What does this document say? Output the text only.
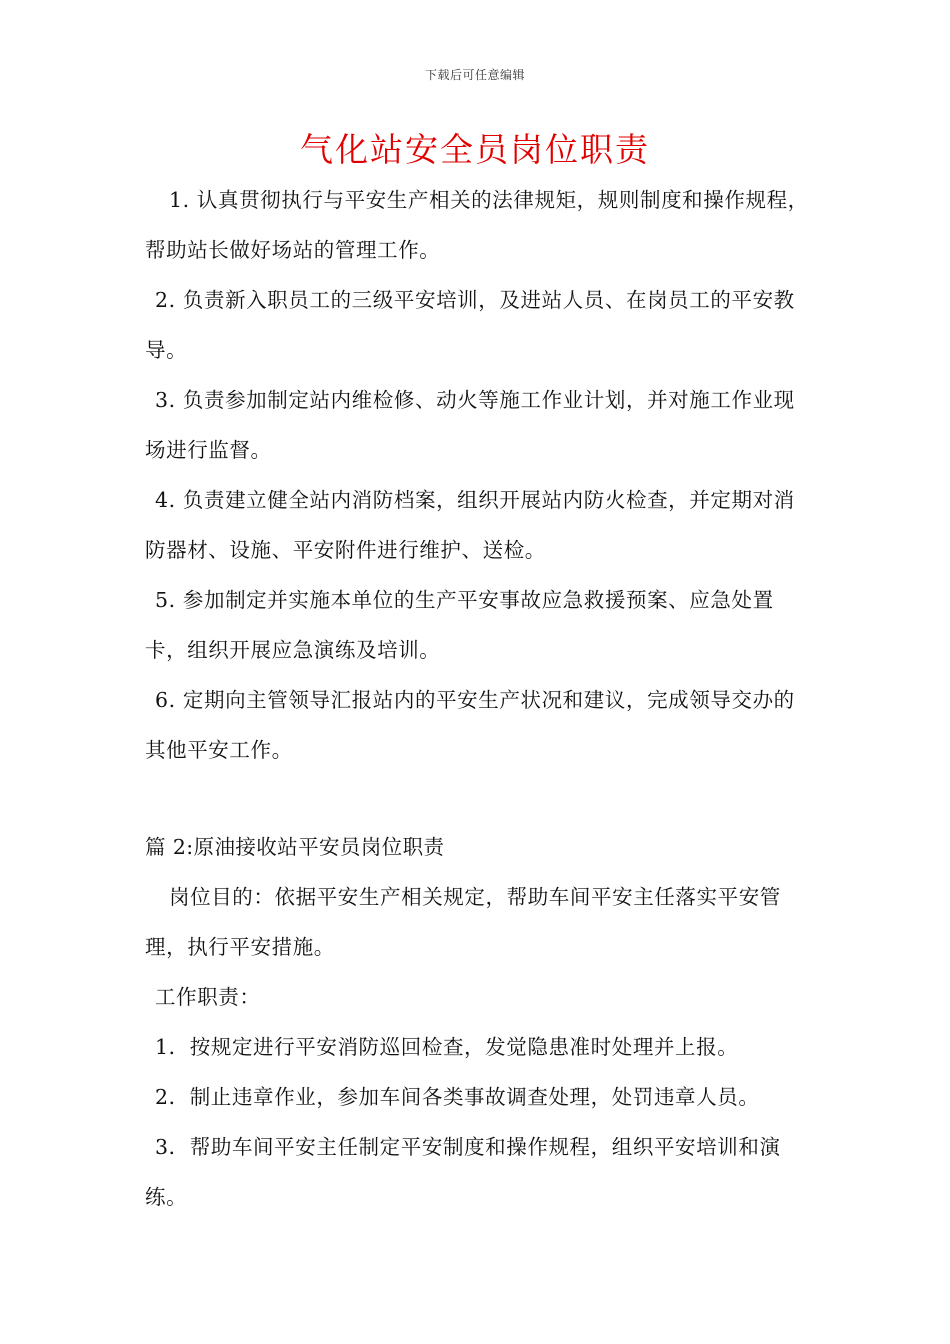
下载后可任意编辑
气化站安全员岗位职责

1. 认真贯彻执行与平安生产相关的法律规矩，规则制度和操作规程，帮助站长做好场站的管理工作。

2. 负责新入职员工的三级平安培训，及进站人员、在岗员工的平安教导。

3. 负责参加制定站内维检修、动火等施工作业计划，并对施工作业现场进行监督。

4. 负责建立健全站内消防档案，组织开展站内防火检查，并定期对消防器材、设施、平安附件进行维护、送检。

5. 参加制定并实施本单位的生产平安事故应急救援预案、应急处置卡，组织开展应急演练及培训。

6. 定期向主管领导汇报站内的平安生产状况和建议，完成领导交办的其他平安工作。

篇 2:原油接收站平安员岗位职责

岗位目的：依据平安生产相关规定，帮助车间平安主任落实平安管理，执行平安措施。

工作职责：

1．按规定进行平安消防巡回检查，发觉隐患准时处理并上报。

2．制止违章作业，参加车间各类事故调查处理，处罚违章人员。

3．帮助车间平安主任制定平安制度和操作规程，组织平安培训和演练。
